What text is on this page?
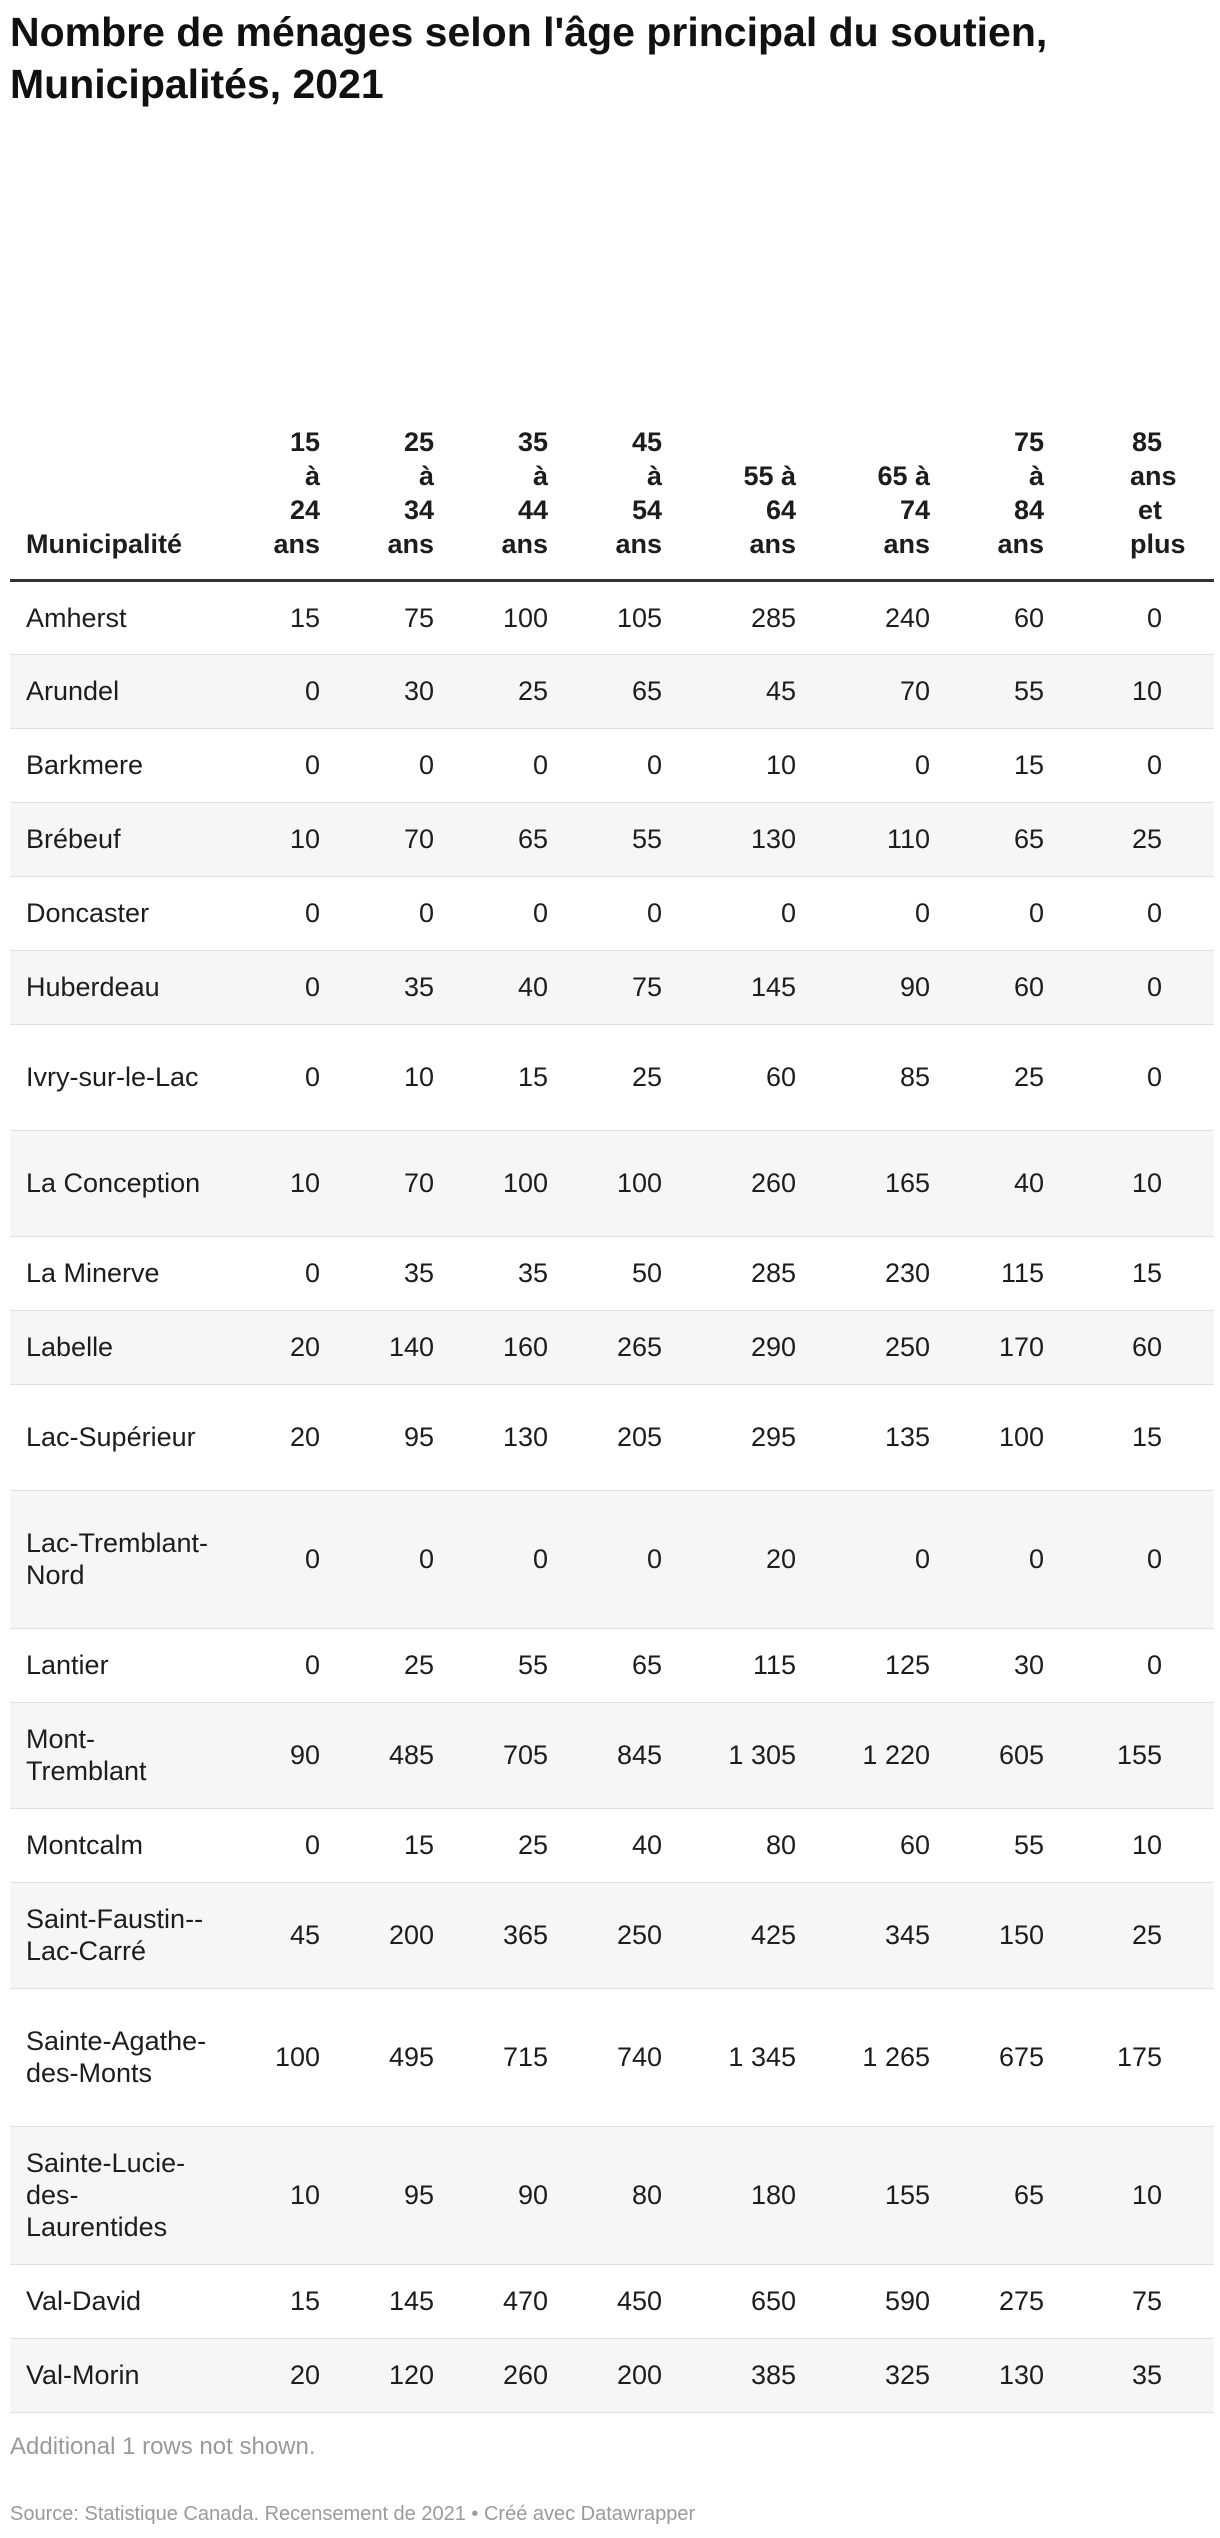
Nombre de ménages selon l'âge principal du soutien, Municipalités, 2021
Municipalité	15 à 24 ans	25 à 34 ans	35 à 44 ans	45 à 54 ans	55 à 64 ans	65 à 74 ans	75 à 84 ans	85 ans et plus
Amherst	15	75	100	105	285	240	60	0
Arundel	0	30	25	65	45	70	55	10
Barkmere	0	0	0	0	10	0	15	0
Brébeuf	10	70	65	55	130	110	65	25
Doncaster	0	0	0	0	0	0	0	0
Huberdeau	0	35	40	75	145	90	60	0
Ivry-sur-le-Lac	0	10	15	25	60	85	25	0
La Conception	10	70	100	100	260	165	40	10
La Minerve	0	35	35	50	285	230	115	15
Labelle	20	140	160	265	290	250	170	60
Lac-Supérieur	20	95	130	205	295	135	100	15
Lac-Tremblant-Nord	0	0	0	0	20	0	0	0
Lantier	0	25	55	65	115	125	30	0
Mont-Tremblant	90	485	705	845	1 305	1 220	605	155
Montcalm	0	15	25	40	80	60	55	10
Saint-Faustin--Lac-Carré	45	200	365	250	425	345	150	25
Sainte-Agathe-des-Monts	100	495	715	740	1 345	1 265	675	175
Sainte-Lucie-des-Laurentides	10	95	90	80	180	155	65	10
Val-David	15	145	470	450	650	590	275	75
Val-Morin	20	120	260	200	385	325	130	35
Additional 1 rows not shown.
Source: Statistique Canada. Recensement de 2021 • Créé avec Datawrapper
